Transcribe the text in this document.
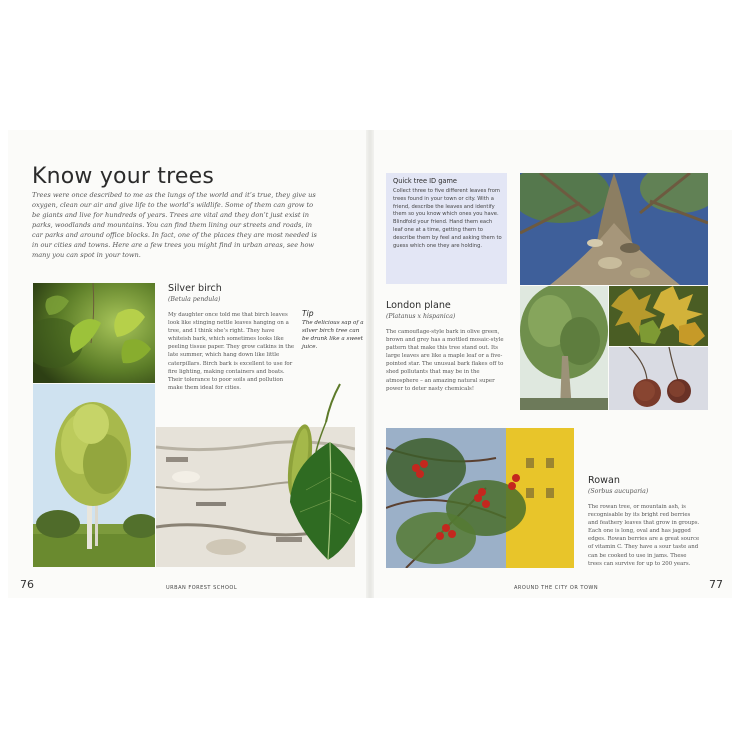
Know your trees
Trees were once described to me as the lungs of the world and it’s true, they give us oxygen, clean our air and give life to the world’s wildlife. Some of them can grow to be giants and live for hundreds of years. Trees are vital and they don’t just exist in parks, woodlands and mountains. You can find them lining our streets and roads, in car parks and around office blocks. In fact, one of the places they are most needed is in our cities and towns. Here are a few trees you might find in urban areas, see how many you can spot in your town.
Silver birch
(Betula pendula)
My daughter once told me that birch leaves look like stinging nettle leaves hanging on a tree, and I think she’s right. They have whiteish bark, which sometimes looks like peeling tissue paper. They grow catkins in the late summer, which hang down like little caterpillars. Birch bark is excellent to use for fire lighting, making containers and boats. Their tolerance to poor soils and pollution make them ideal for cities.
Tip
The delicious sap of a silver birch tree can be drunk like a sweet juice.
76	URBAN FOREST SCHOOL
Quick tree ID game
Collect three to five different leaves from trees found in your town or city. With a friend, describe the leaves and identify them so you know which ones you have. Blindfold your friend. Hand them each leaf one at a time, getting them to describe them by feel and asking them to guess which one they are holding.
London plane
(Platanus x hispanica)
The camouflage-style bark in olive green, brown and grey has a mottled mosaic-style pattern that make this tree stand out. Its large leaves are like a maple leaf or a five-pointed star. The unusual bark flakes off to shed pollutants that may be in the atmosphere – an amazing natural super power to deter nasty chemicals!
Rowan
(Sorbus aucuparia)
The rowan tree, or mountain ash, is recognisable by its bright red berries and feathery leaves that grow in groups. Each one is long, oval and has jagged edges. Rowan berries are a great source of vitamin C. They have a sour taste and can be cooked to use in jams. These trees can survive for up to 200 years.
AROUND THE CITY OR TOWN	77
